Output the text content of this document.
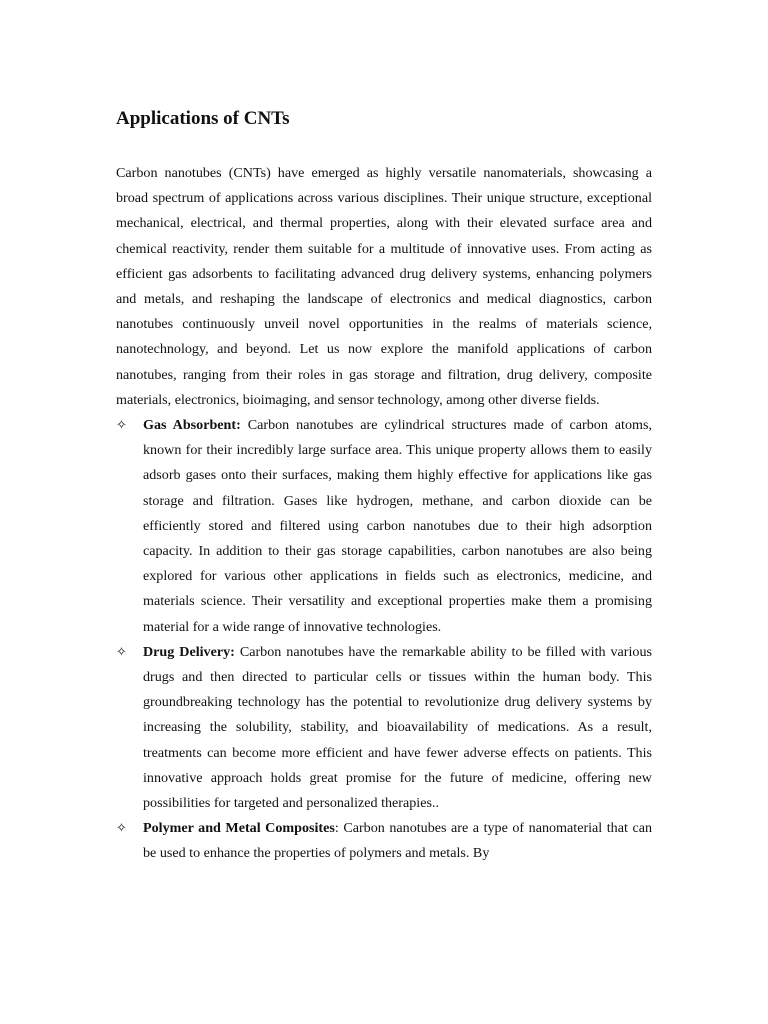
Applications of CNTs

Carbon nanotubes (CNTs) have emerged as highly versatile nanomaterials, showcasing a broad spectrum of applications across various disciplines. Their unique structure, exceptional mechanical, electrical, and thermal properties, along with their elevated surface area and chemical reactivity, render them suitable for a multitude of innovative uses. From acting as efficient gas adsorbents to facilitating advanced drug delivery systems, enhancing polymers and metals, and reshaping the landscape of electronics and medical diagnostics, carbon nanotubes continuously unveil novel opportunities in the realms of materials science, nanotechnology, and beyond. Let us now explore the manifold applications of carbon nanotubes, ranging from their roles in gas storage and filtration, drug delivery, composite materials, electronics, bioimaging, and sensor technology, among other diverse fields.

✧ Gas Absorbent: Carbon nanotubes are cylindrical structures made of carbon atoms, known for their incredibly large surface area. This unique property allows them to easily adsorb gases onto their surfaces, making them highly effective for applications like gas storage and filtration. Gases like hydrogen, methane, and carbon dioxide can be efficiently stored and filtered using carbon nanotubes due to their high adsorption capacity. In addition to their gas storage capabilities, carbon nanotubes are also being explored for various other applications in fields such as electronics, medicine, and materials science. Their versatility and exceptional properties make them a promising material for a wide range of innovative technologies.
✧ Drug Delivery: Carbon nanotubes have the remarkable ability to be filled with various drugs and then directed to particular cells or tissues within the human body. This groundbreaking technology has the potential to revolutionize drug delivery systems by increasing the solubility, stability, and bioavailability of medications. As a result, treatments can become more efficient and have fewer adverse effects on patients. This innovative approach holds great promise for the future of medicine, offering new possibilities for targeted and personalized therapies..
✧ Polymer and Metal Composites: Carbon nanotubes are a type of nanomaterial that can be used to enhance the properties of polymers and metals. By
